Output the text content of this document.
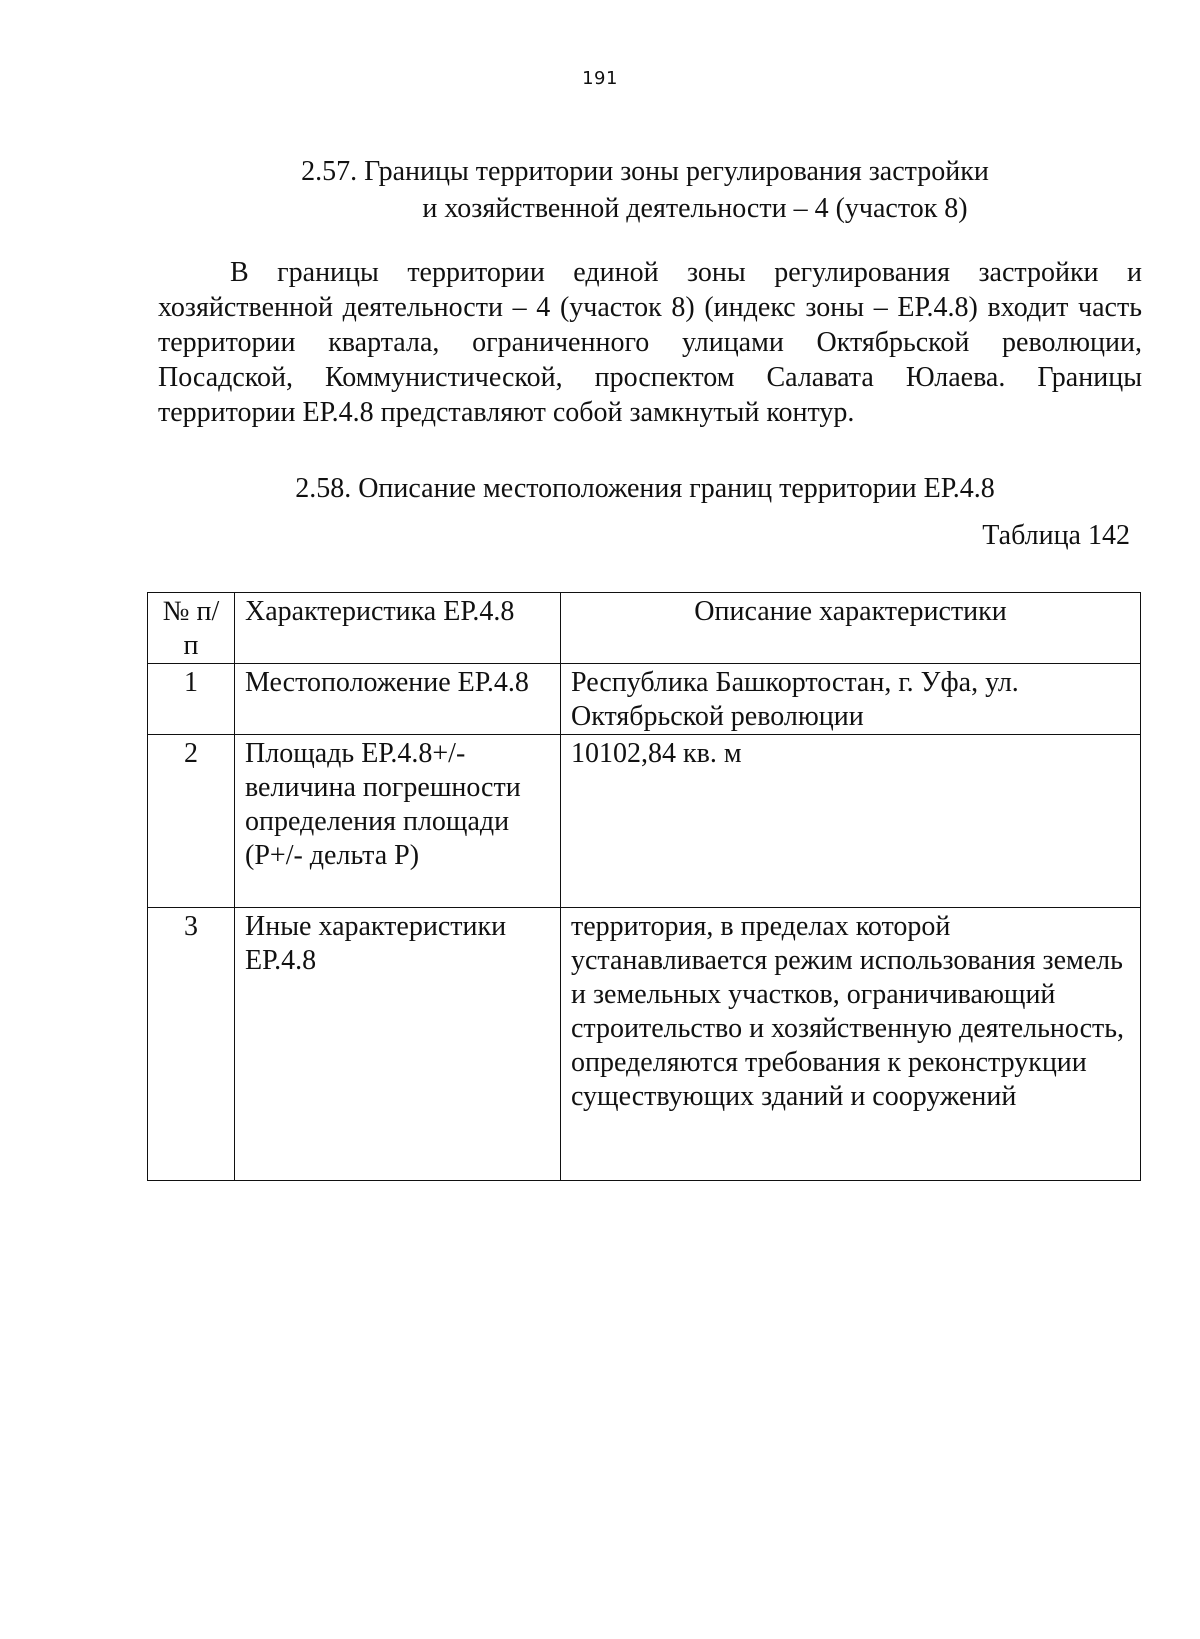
191
2.57. Границы территории зоны регулирования застройки
и хозяйственной деятельности – 4 (участок 8)
В границы территории единой зоны регулирования застройки и хозяйственной деятельности – 4 (участок 8) (индекс зоны – ЕР.4.8) входит часть территории квартала, ограниченного улицами Октябрьской революции, Посадской, Коммунистической, проспектом Салавата Юлаева. Границы территории ЕР.4.8 представляют собой замкнутый контур.
2.58. Описание местоположения границ территории ЕР.4.8
Таблица 142
№ п/п	Характеристика ЕР.4.8	Описание характеристики
1	Местоположение ЕР.4.8	Республика Башкортостан, г. Уфа, ул. Октябрьской революции
2	Площадь ЕР.4.8+/- величина погрешности определения площади (P+/- дельта P)	10102,84 кв. м
3	Иные характеристики ЕР.4.8	территория, в пределах которой устанавливается режим использования земель и земельных участков, ограничивающий строительство и хозяйственную деятельность, определяются требования к реконструкции существующих зданий и сооружений
